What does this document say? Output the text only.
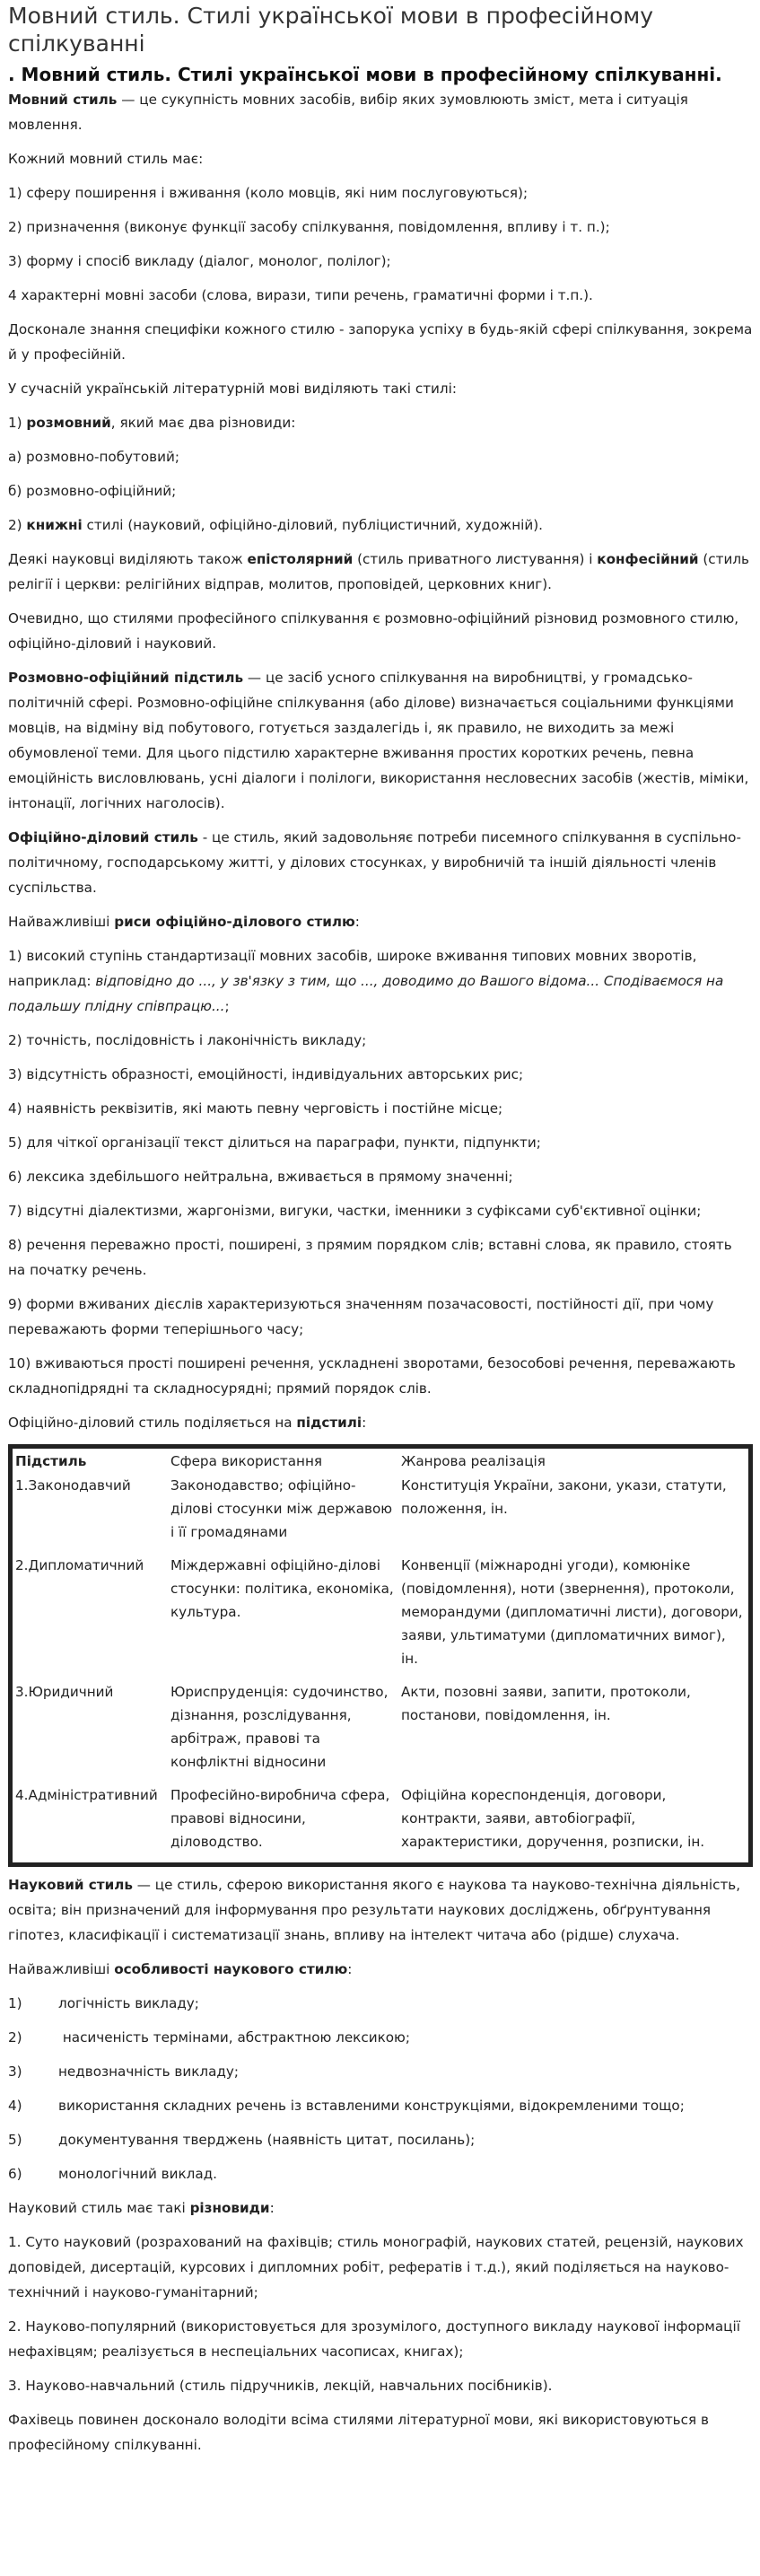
Мовний стиль. Стилі української мови в професійному спілкуванні
. Мовний стиль. Стилі української мови в професійному спілкуванні.

Мовний стиль — це сукупність мовних засобів, вибір яких зумовлюють зміст, мета і ситуація мовлення.

Кожний мовний стиль має:

1) сферу поширення і вживання (коло мовців, які ним послуговуються);

2) призначення (виконує функції засобу спілкування, повідомлення, впливу і т. п.);

3) форму і спосіб викладу (діалог, монолог, полілог);

4 характерні мовні засоби (слова, вирази, типи речень, граматичні форми і т.п.).

Досконале знання специфіки кожного стилю - запорука успіху в будь-якій сфері спілкування, зокрема й у професійній.

У сучасній українській літературній мові виділяють такі стилі:

1) розмовний, який має два різновиди:

а) розмовно-побутовий;

б) розмовно-офіційний;

2) книжні стилі (науковий, офіційно-діловий, публіцистичний, художній).

Деякі науковці виділяють також епістолярний (стиль приватного листування) і конфесійний (стиль релігії і церкви: релігійних відправ, молитов, проповідей, церковних книг).

Очевидно, що стилями професійного спілкування є розмовно-офіційний різновид розмовного стилю, офіційно-діловий і науковий.

Розмовно-офіційний підстиль — це засіб усного спілкування на виробництві, у громадсько-політичній сфері. Розмовно-офіційне спілкування (або ділове) визначається соціальними функціями мовців, на відміну від побутового, готується заздалегідь і, як правило, не виходить за межі обумовленої теми. Для цього підстилю характерне вживання простих коротких речень, певна емоційність висловлювань, усні діалоги і полілоги, використання несловесних засобів (жестів, міміки, інтонації, логічних наголосів).

Офіційно-діловий стиль - це стиль, який задовольняє потреби писемного спілкування в суспільно-політичному, господарському житті, у ділових стосунках, у виробничій та іншій діяльності членів суспільства.

Найважливіші риси офіційно-ділового стилю:

1) високий ступінь стандартизації мовних засобів, широке вживання типових мовних зворотів, наприклад: відповідно до ..., у зв'язку з тим, що ..., доводимо до Вашого відома... Сподіваємося на подальшу плідну співпрацю...;

2) точність, послідовність і лаконічність викладу;

3) відсутність образності, емоційності, індивідуальних авторських рис;

4) наявність реквізитів, які мають певну черговість і постійне місце;

5) для чіткої організації текст ділиться на параграфи, пункти, підпункти;

6) лексика здебільшого нейтральна, вживається в прямому значенні;

7) відсутні діалектизми, жаргонізми, вигуки, частки, іменники з суфіксами суб'єктивної оцінки;

8) речення переважно прості, поширені, з прямим порядком слів; вставні слова, як правило, стоять на початку речень.

9) форми вживаних дієслів характеризуються значенням позачасовості, постійності дії, при чому переважають форми теперішнього часу;

10) вживаються прості поширені речення, ускладнені зворотами, безособові речення, переважають складнопідрядні та складносурядні; прямий порядок слів.

Офіційно-діловий стиль поділяється на підстилі:

Підстиль	Сфера використання	Жанрова реалізація
1.Законодавчий	Законодавство; офіційно-ділові стосунки між державою і її громадянами	Конституція України, закони, укази, статути, положення, ін.
2.Дипломатичний	Міждержавні офіційно-ділові стосунки: політика, економіка, культура.	Конвенції (міжнародні угоди), комюніке (повідомлення), ноти (звернення), протоколи, меморандуми (дипломатичні листи), договори, заяви, ультиматуми (дипломатичних вимог), ін.
3.Юридичний	Юриспруденція: судочинство, дізнання, розслідування, арбітраж, правові та конфліктні відносини	Акти, позовні заяви, запити, протоколи, постанови, повідомлення, ін.
4.Адміністративний	Професійно-виробнича сфера, правові відносини, діловодство.	Офіційна кореспонденція, договори, контракти, заяви, автобіографії, характеристики, доручення, розписки, ін.

Науковий стиль — це стиль, сферою використання якого є наукова та науково-технічна діяльність, освіта; він призначений для інформування про результати наукових досліджень, обґрунтування гіпотез, класифікації і систематизації знань, впливу на інтелект читача або (рідше) слухача.

Найважливіші особливості наукового стилю:

1)	логічність викладу;

2)	насиченість термінами, абстрактною лексикою;

3)	недвозначність викладу;

4)	використання складних речень із вставленими конструкціями, відокремленими тощо;

5)	документування тверджень (наявність цитат, посилань);

6)	монологічний виклад.

Науковий стиль має такі різновиди:

1. Суто науковий (розрахований на фахівців; стиль монографій, наукових статей, рецензій, наукових доповідей, дисертацій, курсових і дипломних робіт, рефератів і т.д.), який поділяється на науково-технічний і науково-гуманітарний;

2. Науково-популярний (використовується для зрозумілого, доступного викладу наукової інформації нефахівцям; реалізується в неспеціальних часописах, книгах);

3. Науково-навчальний (стиль підручників, лекцій, навчальних посібників).

Фахівець повинен досконало володіти всіма стилями літературної мови, які використовуються в професійному спілкуванні.
